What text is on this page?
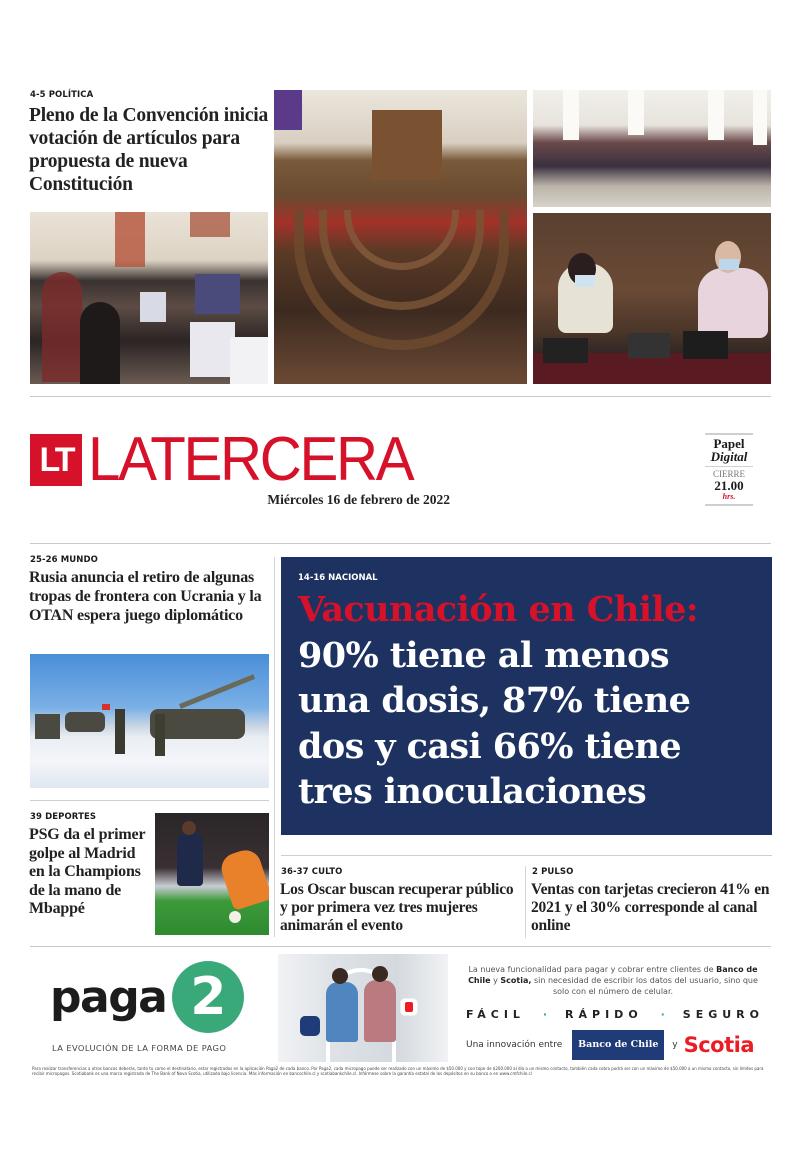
4-5 POLÍTICA
Pleno de la Convención inicia votación de artículos para propuesta de nueva Constitución
LT LATERCERA
Miércoles 16 de febrero de 2022
Papel
Digital
CIERRE
21.00
hrs.
25-26 MUNDO
Rusia anuncia el retiro de algunas tropas de frontera con Ucrania y la OTAN espera juego diplomático
14-16 NACIONAL
Vacunación en Chile:
90% tiene al menos una dosis, 87% tiene dos y casi 66% tiene tres inoculaciones
39 DEPORTES
PSG da el primer golpe al Madrid en la Champions de la mano de Mbappé
36-37 CULTO
Los Oscar buscan recuperar público y por primera vez tres mujeres animarán el evento
2 PULSO
Ventas con tarjetas crecieron 41% en 2021 y el 30% corresponde al canal online
paga 2
LA EVOLUCIÓN DE LA FORMA DE PAGO
La nueva funcionalidad para pagar y cobrar entre clientes de Banco de Chile y Scotia, sin necesidad de escribir los datos del usuario, sino que solo con el número de celular.
FÁCIL · RÁPIDO · SEGURO
Una innovación entre	Banco de Chile	y Scotia
Para realizar transferencias a otros bancos deberás, tanto tu como el destinatario, estar registrados en la aplicación Paga2 de cada banco. Por Paga2, cada micropago puede ser realizado con un máximo de $50.000 y con tope de $200.000 al día a un mismo contacto, también cada cobro podrá ser con un máximo de $50.000 a un mismo contacto, sin límites para recibir micropagos. Scotiabank es una marca registrada de The Bank of Nova Scotia, utilizada bajo licencia. Más información en bancochile.cl y scotiabankchile.cl. Infórmese sobre la garantía estatal de los depósitos en su banco o en www.cmfchile.cl
